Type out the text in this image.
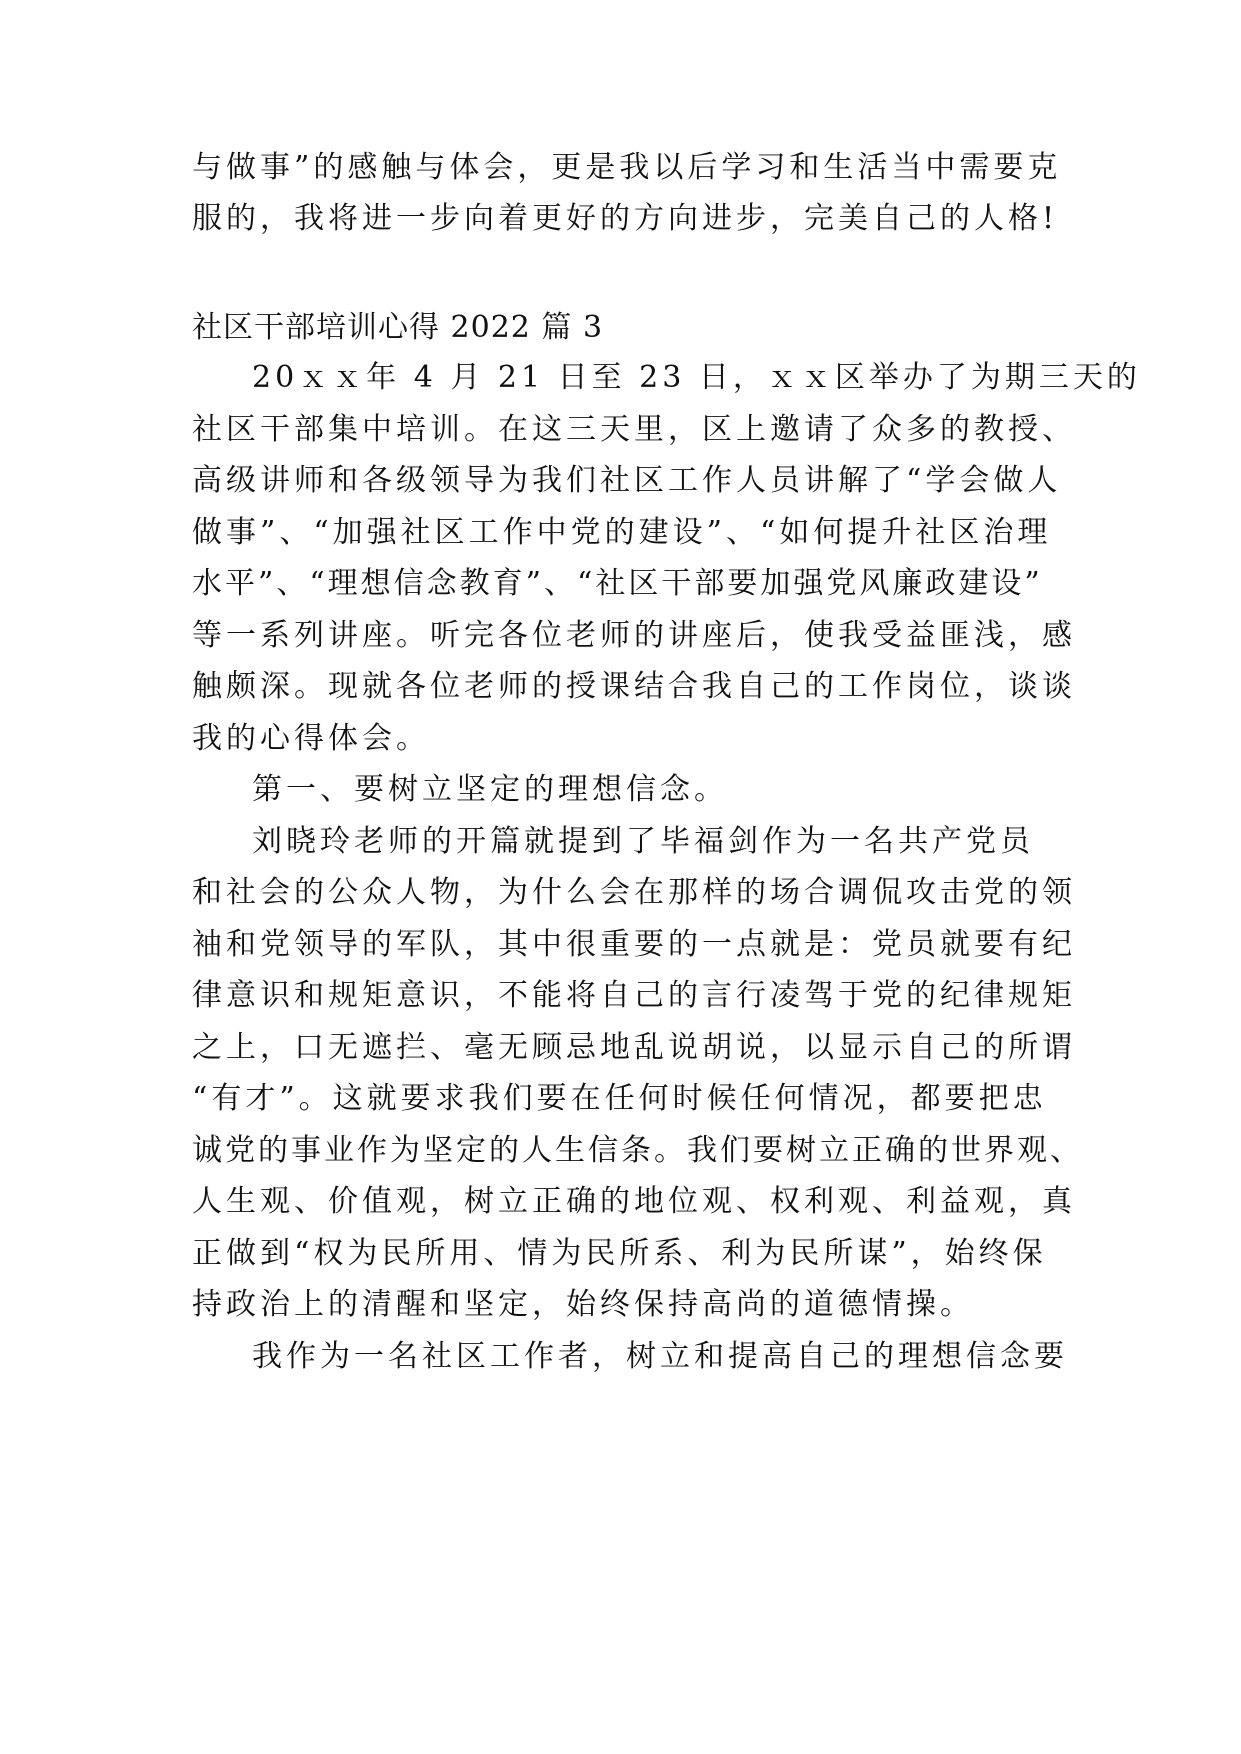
与做事”的感触与体会，更是我以后学习和生活当中需要克
服的，我将进一步向着更好的方向进步，完美自己的人格!
社区干部培训心得 2022 篇 3
20ｘｘ年 4 月 21 日至 23 日，ｘｘ区举办了为期三天的
社区干部集中培训。在这三天里，区上邀请了众多的教授、
高级讲师和各级领导为我们社区工作人员讲解了“学会做人
做事”、“加强社区工作中党的建设”、“如何提升社区治理
水平”、“理想信念教育”、“社区干部要加强党风廉政建设”
等一系列讲座。听完各位老师的讲座后，使我受益匪浅，感
触颇深。现就各位老师的授课结合我自己的工作岗位，谈谈
我的心得体会。
第一、要树立坚定的理想信念。
刘晓玲老师的开篇就提到了毕福剑作为一名共产党员
和社会的公众人物，为什么会在那样的场合调侃攻击党的领
袖和党领导的军队，其中很重要的一点就是：党员就要有纪
律意识和规矩意识，不能将自己的言行凌驾于党的纪律规矩
之上，口无遮拦、毫无顾忌地乱说胡说，以显示自己的所谓
“有才”。这就要求我们要在任何时候任何情况，都要把忠
诚党的事业作为坚定的人生信条。我们要树立正确的世界观、
人生观、价值观，树立正确的地位观、权利观、利益观，真
正做到“权为民所用、情为民所系、利为民所谋”，始终保
持政治上的清醒和坚定，始终保持高尚的道德情操。
我作为一名社区工作者，树立和提高自己的理想信念要
